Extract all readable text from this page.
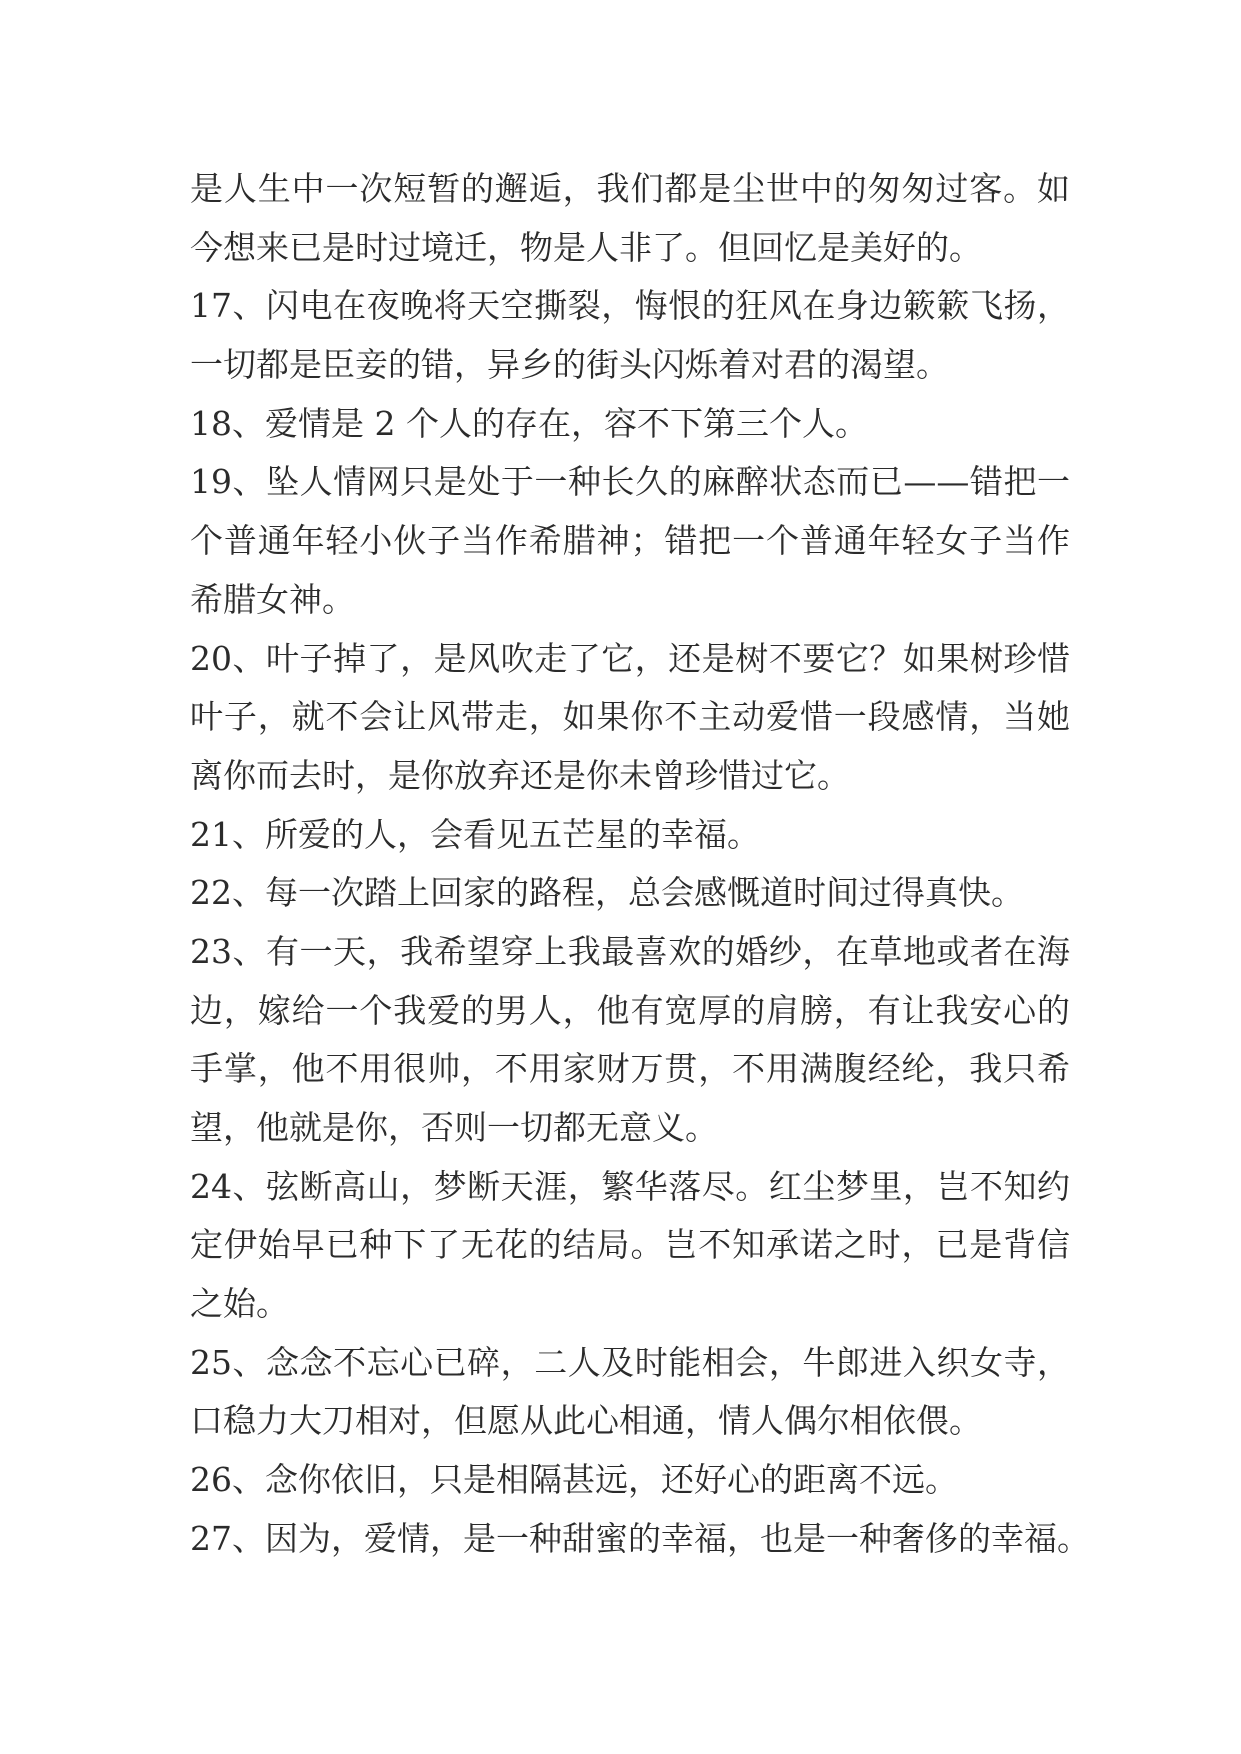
是人生中一次短暂的邂逅，我们都是尘世中的匆匆过客。如
今想来已是时过境迁，物是人非了。但回忆是美好的。
17、闪电在夜晚将天空撕裂，悔恨的狂风在身边簌簌飞扬，
一切都是臣妾的错，异乡的街头闪烁着对君的渴望。
18、爱情是 2 个人的存在，容不下第三个人。
19、坠人情网只是处于一种长久的麻醉状态而已——错把一
个普通年轻小伙子当作希腊神；错把一个普通年轻女子当作
希腊女神。
20、叶子掉了，是风吹走了它，还是树不要它？如果树珍惜
叶子，就不会让风带走，如果你不主动爱惜一段感情，当她
离你而去时，是你放弃还是你未曾珍惜过它。
21、所爱的人，会看见五芒星的幸福。
22、每一次踏上回家的路程，总会感慨道时间过得真快。
23、有一天，我希望穿上我最喜欢的婚纱，在草地或者在海
边，嫁给一个我爱的男人，他有宽厚的肩膀，有让我安心的
手掌，他不用很帅，不用家财万贯，不用满腹经纶，我只希
望，他就是你，否则一切都无意义。
24、弦断高山，梦断天涯，繁华落尽。红尘梦里，岂不知约
定伊始早已种下了无花的结局。岂不知承诺之时，已是背信
之始。
25、念念不忘心已碎，二人及时能相会，牛郎进入织女寺，
口稳力大刀相对，但愿从此心相通，情人偶尔相依偎。
26、念你依旧，只是相隔甚远，还好心的距离不远。
27、因为，爱情，是一种甜蜜的幸福，也是一种奢侈的幸福。
